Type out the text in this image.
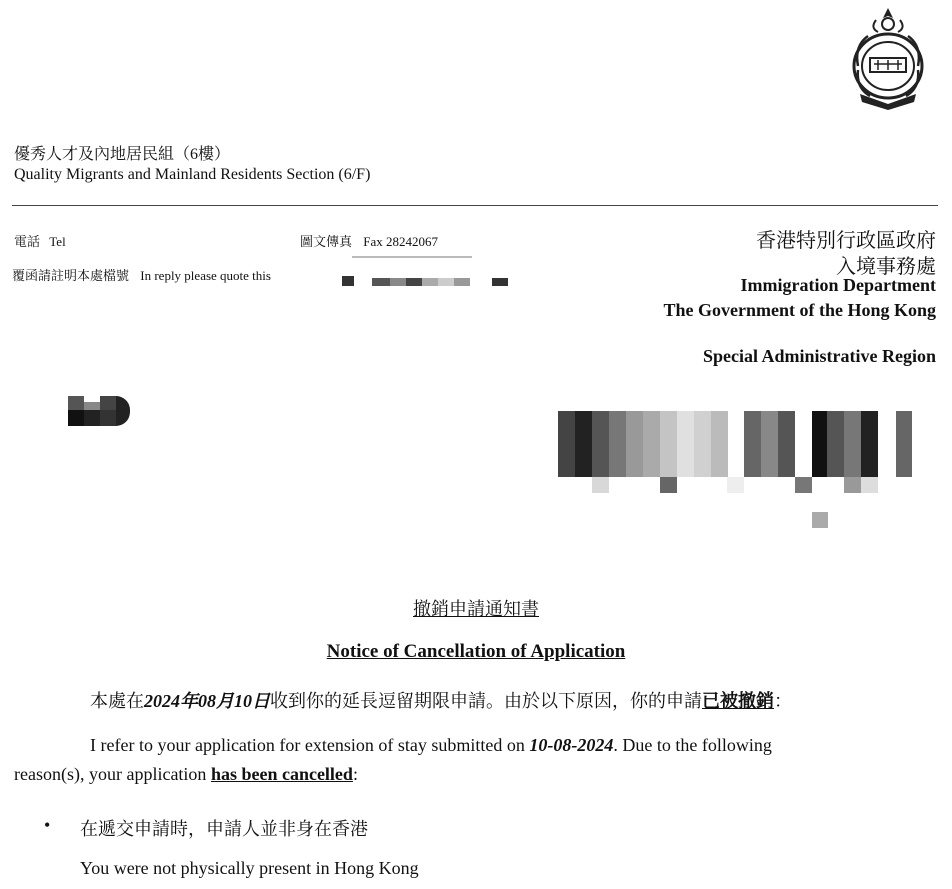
優秀人才及內地居民組（6樓）
Quality Migrants and Mainland Residents Section (6/F)
電話 Tel	圖文傳真 Fax 28242067
覆函請註明本處檔號 In reply please quote this
香港特別行政區政府
入境事務處
Immigration Department
The Government of the Hong Kong
Special Administrative Region
撤銷申請通知書
Notice of Cancellation of Application
本處在2024年08月10日收到你的延長逗留期限申請。由於以下原因，你的申請已被撤銷：
I refer to your application for extension of stay submitted on 10-08-2024. Due to the following
reason(s), your application has been cancelled:
• 在遞交申請時，申請人並非身在香港
You were not physically present in Hong Kong
